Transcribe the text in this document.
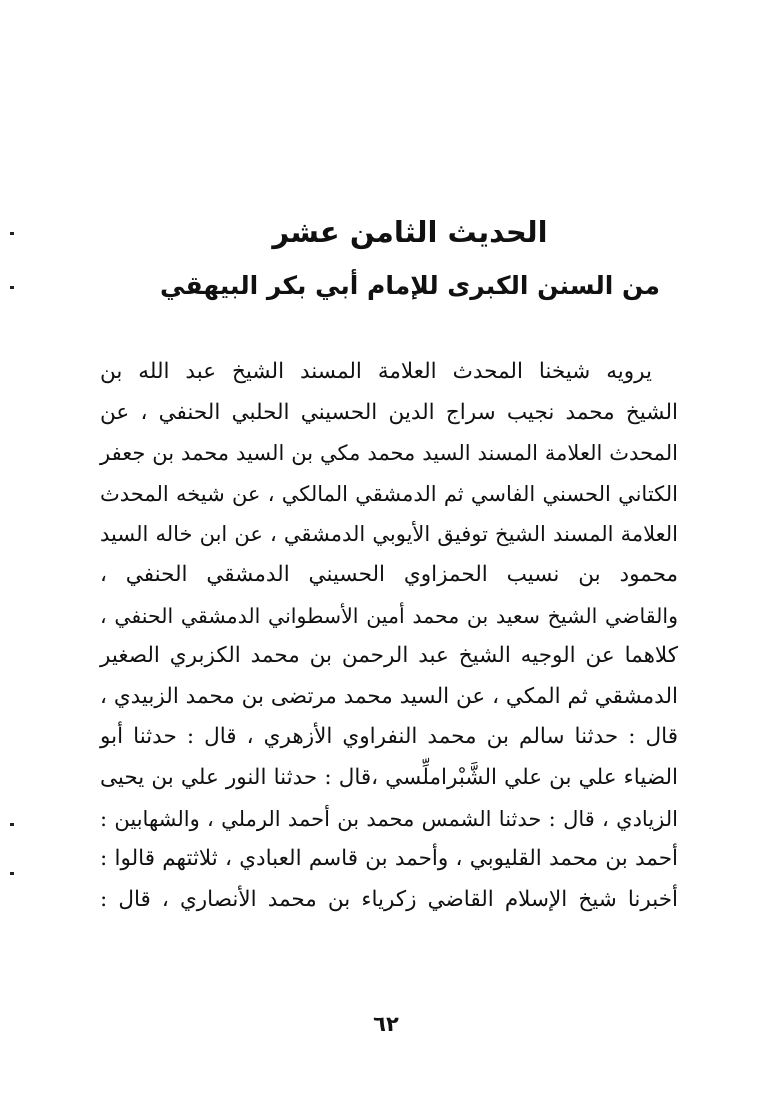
الحديث الثامن عشر
من السنن الكبرى للإمام أبي بكر البيهقي
يرويه شيخنا المحدث العلامة المسند الشيخ عبد الله بن
الشيخ محمد نجيب سراج الدين الحسيني الحلبي الحنفي ، عن
المحدث العلامة المسند السيد محمد مكي بن السيد محمد بن جعفر
الكتاني الحسني الفاسي ثم الدمشقي المالكي ، عن شيخه المحدث
العلامة المسند الشيخ توفيق الأيوبي الدمشقي ، عن ابن خاله السيد
محمود بن نسيب الحمزاوي الحسيني الدمشقي الحنفي ،
والقاضي الشيخ سعيد بن محمد أمين الأسطواني الدمشقي الحنفي ،
كلاهما عن الوجيه الشيخ عبد الرحمن بن محمد الكزبري الصغير
الدمشقي ثم المكي ، عن السيد محمد مرتضى بن محمد الزبيدي ،
قال : حدثنا سالم بن محمد النفراوي الأزهري ، قال : حدثنا أبو
الضياء علي بن علي الشَّبْراملِّسي ،قال : حدثنا النور علي بن يحيى
الزيادي ، قال : حدثنا الشمس محمد بن أحمد الرملي ، والشهابين :
أحمد بن محمد القليوبي ، وأحمد بن قاسم العبادي ، ثلاثتهم قالوا :
أخبرنا شيخ الإسلام القاضي زكرياء بن محمد الأنصاري ، قال :
٦٢
